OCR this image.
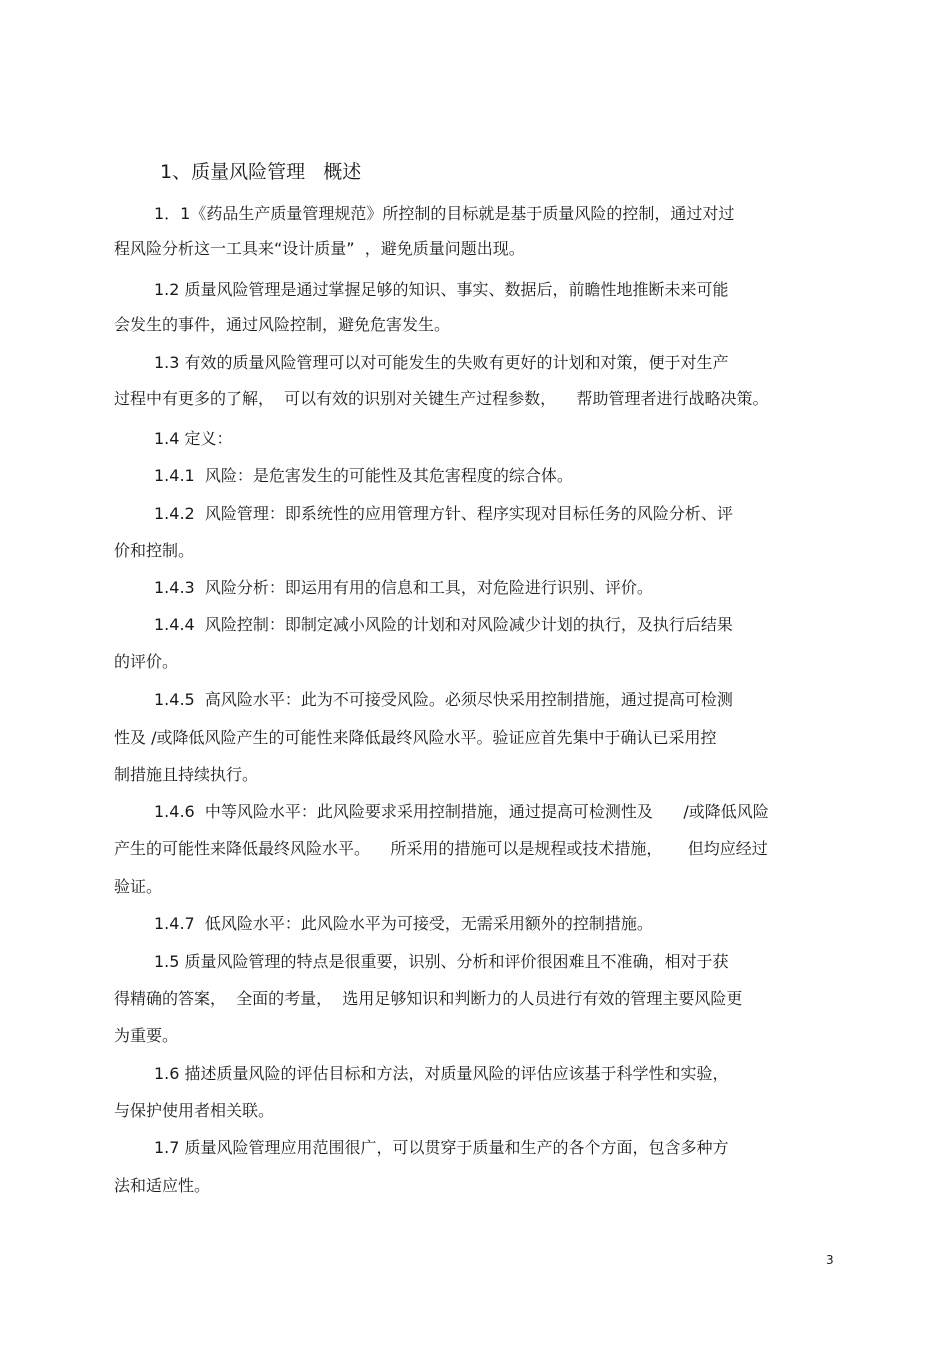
1、质量风险管理   概述
1．1《药品生产质量管理规范》所控制的目标就是基于质量风险的控制，通过对过
程风险分析这一工具来“设计质量”  ，避免质量问题出现。
1.2 质量风险管理是通过掌握足够的知识、事实、数据后，前瞻性地推断未来可能
会发生的事件，通过风险控制，避免危害发生。
1.3 有效的质量风险管理可以对可能发生的失败有更好的计划和对策，便于对生产
过程中有更多的了解，  可以有效的识别对关键生产过程参数，    帮助管理者进行战略决策。
1.4 定义：
1.4.1  风险：是危害发生的可能性及其危害程度的综合体。
1.4.2  风险管理：即系统性的应用管理方针、程序实现对目标任务的风险分析、评
价和控制。
1.4.3  风险分析：即运用有用的信息和工具，对危险进行识别、评价。
1.4.4  风险控制：即制定减小风险的计划和对风险减少计划的执行，及执行后结果
的评价。
1.4.5  高风险水平：此为不可接受风险。必须尽快采用控制措施，通过提高可检测
性及 /或降低风险产生的可能性来降低最终风险水平。验证应首先集中于确认已采用控
制措施且持续执行。
1.4.6  中等风险水平：此风险要求采用控制措施，通过提高可检测性及      /或降低风险
产生的可能性来降低最终风险水平。    所采用的措施可以是规程或技术措施，     但均应经过
验证。
1.4.7  低风险水平：此风险水平为可接受，无需采用额外的控制措施。
1.5 质量风险管理的特点是很重要，识别、分析和评价很困难且不准确，相对于获
得精确的答案，  全面的考量，  选用足够知识和判断力的人员进行有效的管理主要风险更
为重要。
1.6 描述质量风险的评估目标和方法，对质量风险的评估应该基于科学性和实验，
与保护使用者相关联。
1.7 质量风险管理应用范围很广，可以贯穿于质量和生产的各个方面，包含多种方
法和适应性。
3
